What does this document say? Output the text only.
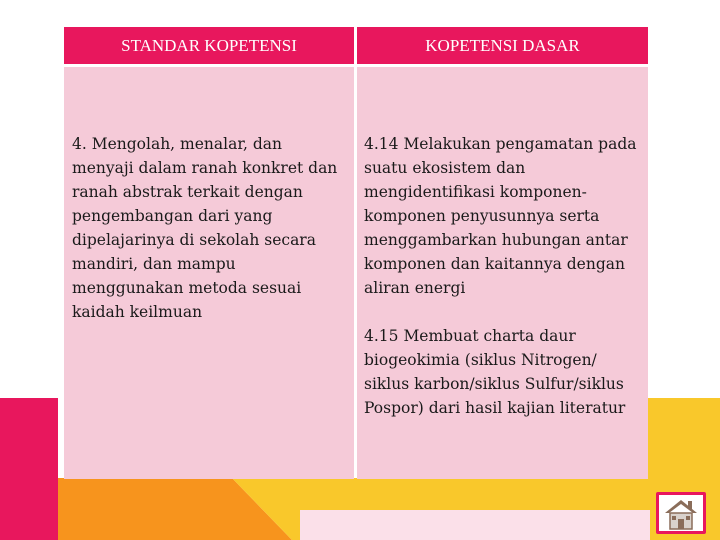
STANDAR KOPETENSI	KOPETENSI DASAR

4. Mengolah, menalar, dan menyaji dalam ranah konkret dan ranah abstrak terkait dengan pengembangan dari yang dipelajarinya di sekolah secara mandiri, dan mampu menggunakan metoda sesuai kaidah keilmuan

4.14 Melakukan pengamatan pada suatu ekosistem dan mengidentifikasi komponen-komponen penyusunnya serta menggambarkan hubungan antar komponen dan kaitannya dengan aliran energi

4.15 Membuat charta daur biogeokimia (siklus Nitrogen/ siklus karbon/siklus Sulfur/siklus Pospor) dari hasil kajian literatur
